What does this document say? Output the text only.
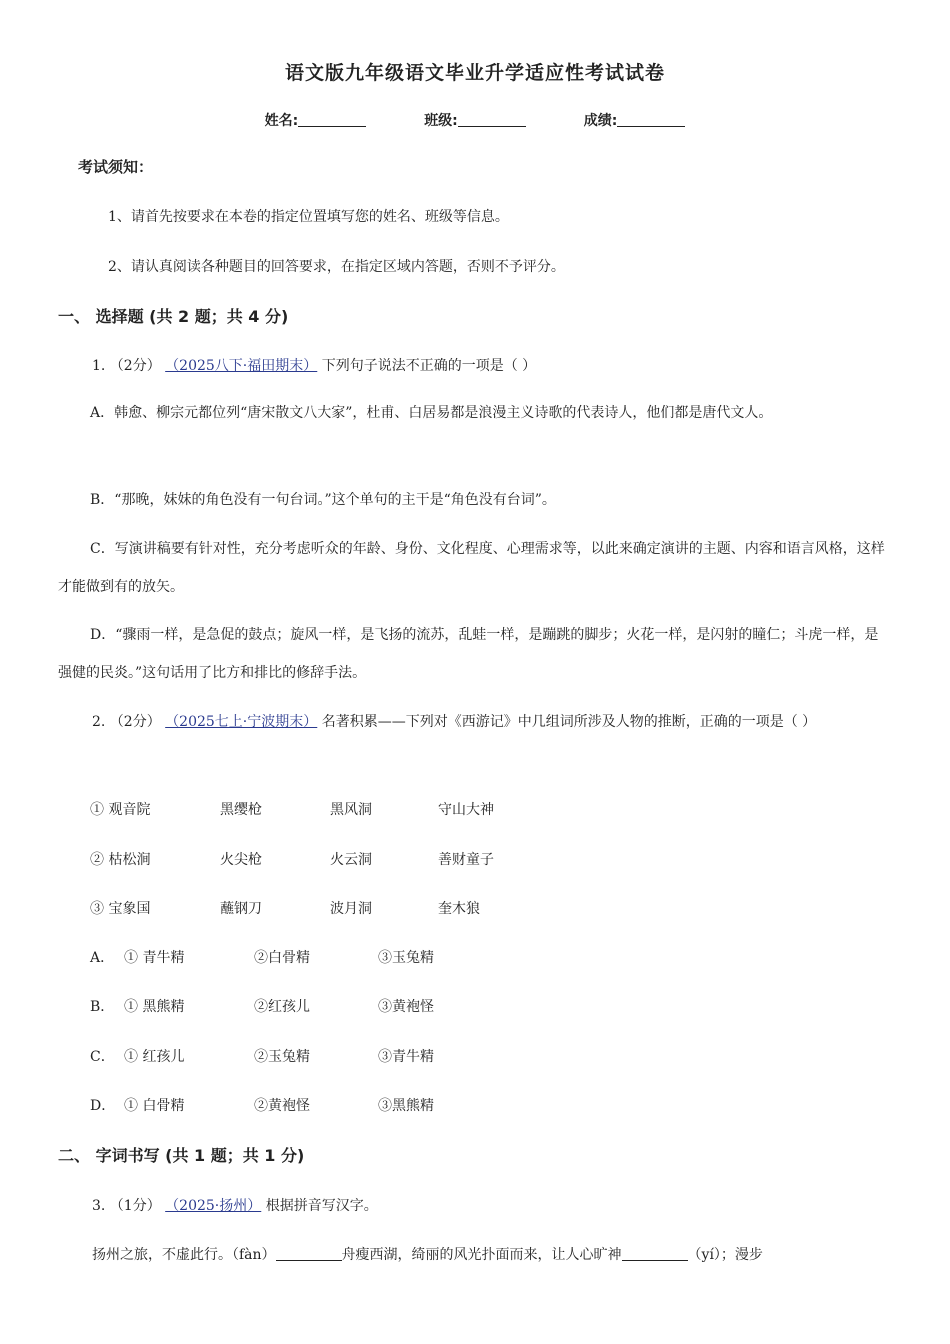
语文版九年级语文毕业升学适应性考试试卷
姓名:	班级:	成绩:
考试须知：
1、请首先按要求在本卷的指定位置填写您的姓名、班级等信息。
2、请认真阅读各种题目的回答要求，在指定区域内答题，否则不予评分。
一、 选择题 (共 2 题；共 4 分)
1. （2分） （2025八下·福田期末） 下列句子说法不正确的一项是（ ）
A．韩愈、柳宗元都位列“唐宋散文八大家”，杜甫、白居易都是浪漫主义诗歌的代表诗人，他们都是唐代文人。
B．“那晚，妹妹的角色没有一句台词。”这个单句的主干是“角色没有台词”。
C．写演讲稿要有针对性，充分考虑听众的年龄、身份、文化程度、心理需求等，以此来确定演讲的主题、内容和语言风格，这样才能做到有的放矢。
D．“骤雨一样，是急促的鼓点；旋风一样，是飞扬的流苏，乱蛙一样，是蹦跳的脚步；火花一样，是闪射的瞳仁；斗虎一样，是强健的民炎。”这句话用了比方和排比的修辞手法。
2. （2分） （2025七上·宁波期末） 名著积累——下列对《西游记》中几组词所涉及人物的推断，正确的一项是（ ）
① 观音院	黑缨枪	黑风洞	守山大神
② 枯松涧	火尖枪	火云洞	善财童子
③ 宝象国	蘸钢刀	波月洞	奎木狼
A． ① 青牛精	②白骨精	③玉兔精
B． ① 黑熊精	②红孩儿	③黄袍怪
C． ① 红孩儿	②玉兔精	③青牛精
D． ① 白骨精	②黄袍怪	③黑熊精
二、 字词书写 (共 1 题；共 1 分)
3. （1分） （2025·扬州） 根据拼音写汉字。
扬州之旅，不虚此行。（fàn）	舟瘦西湖，绮丽的风光扑面而来，让人心旷神	（yí）；漫步
